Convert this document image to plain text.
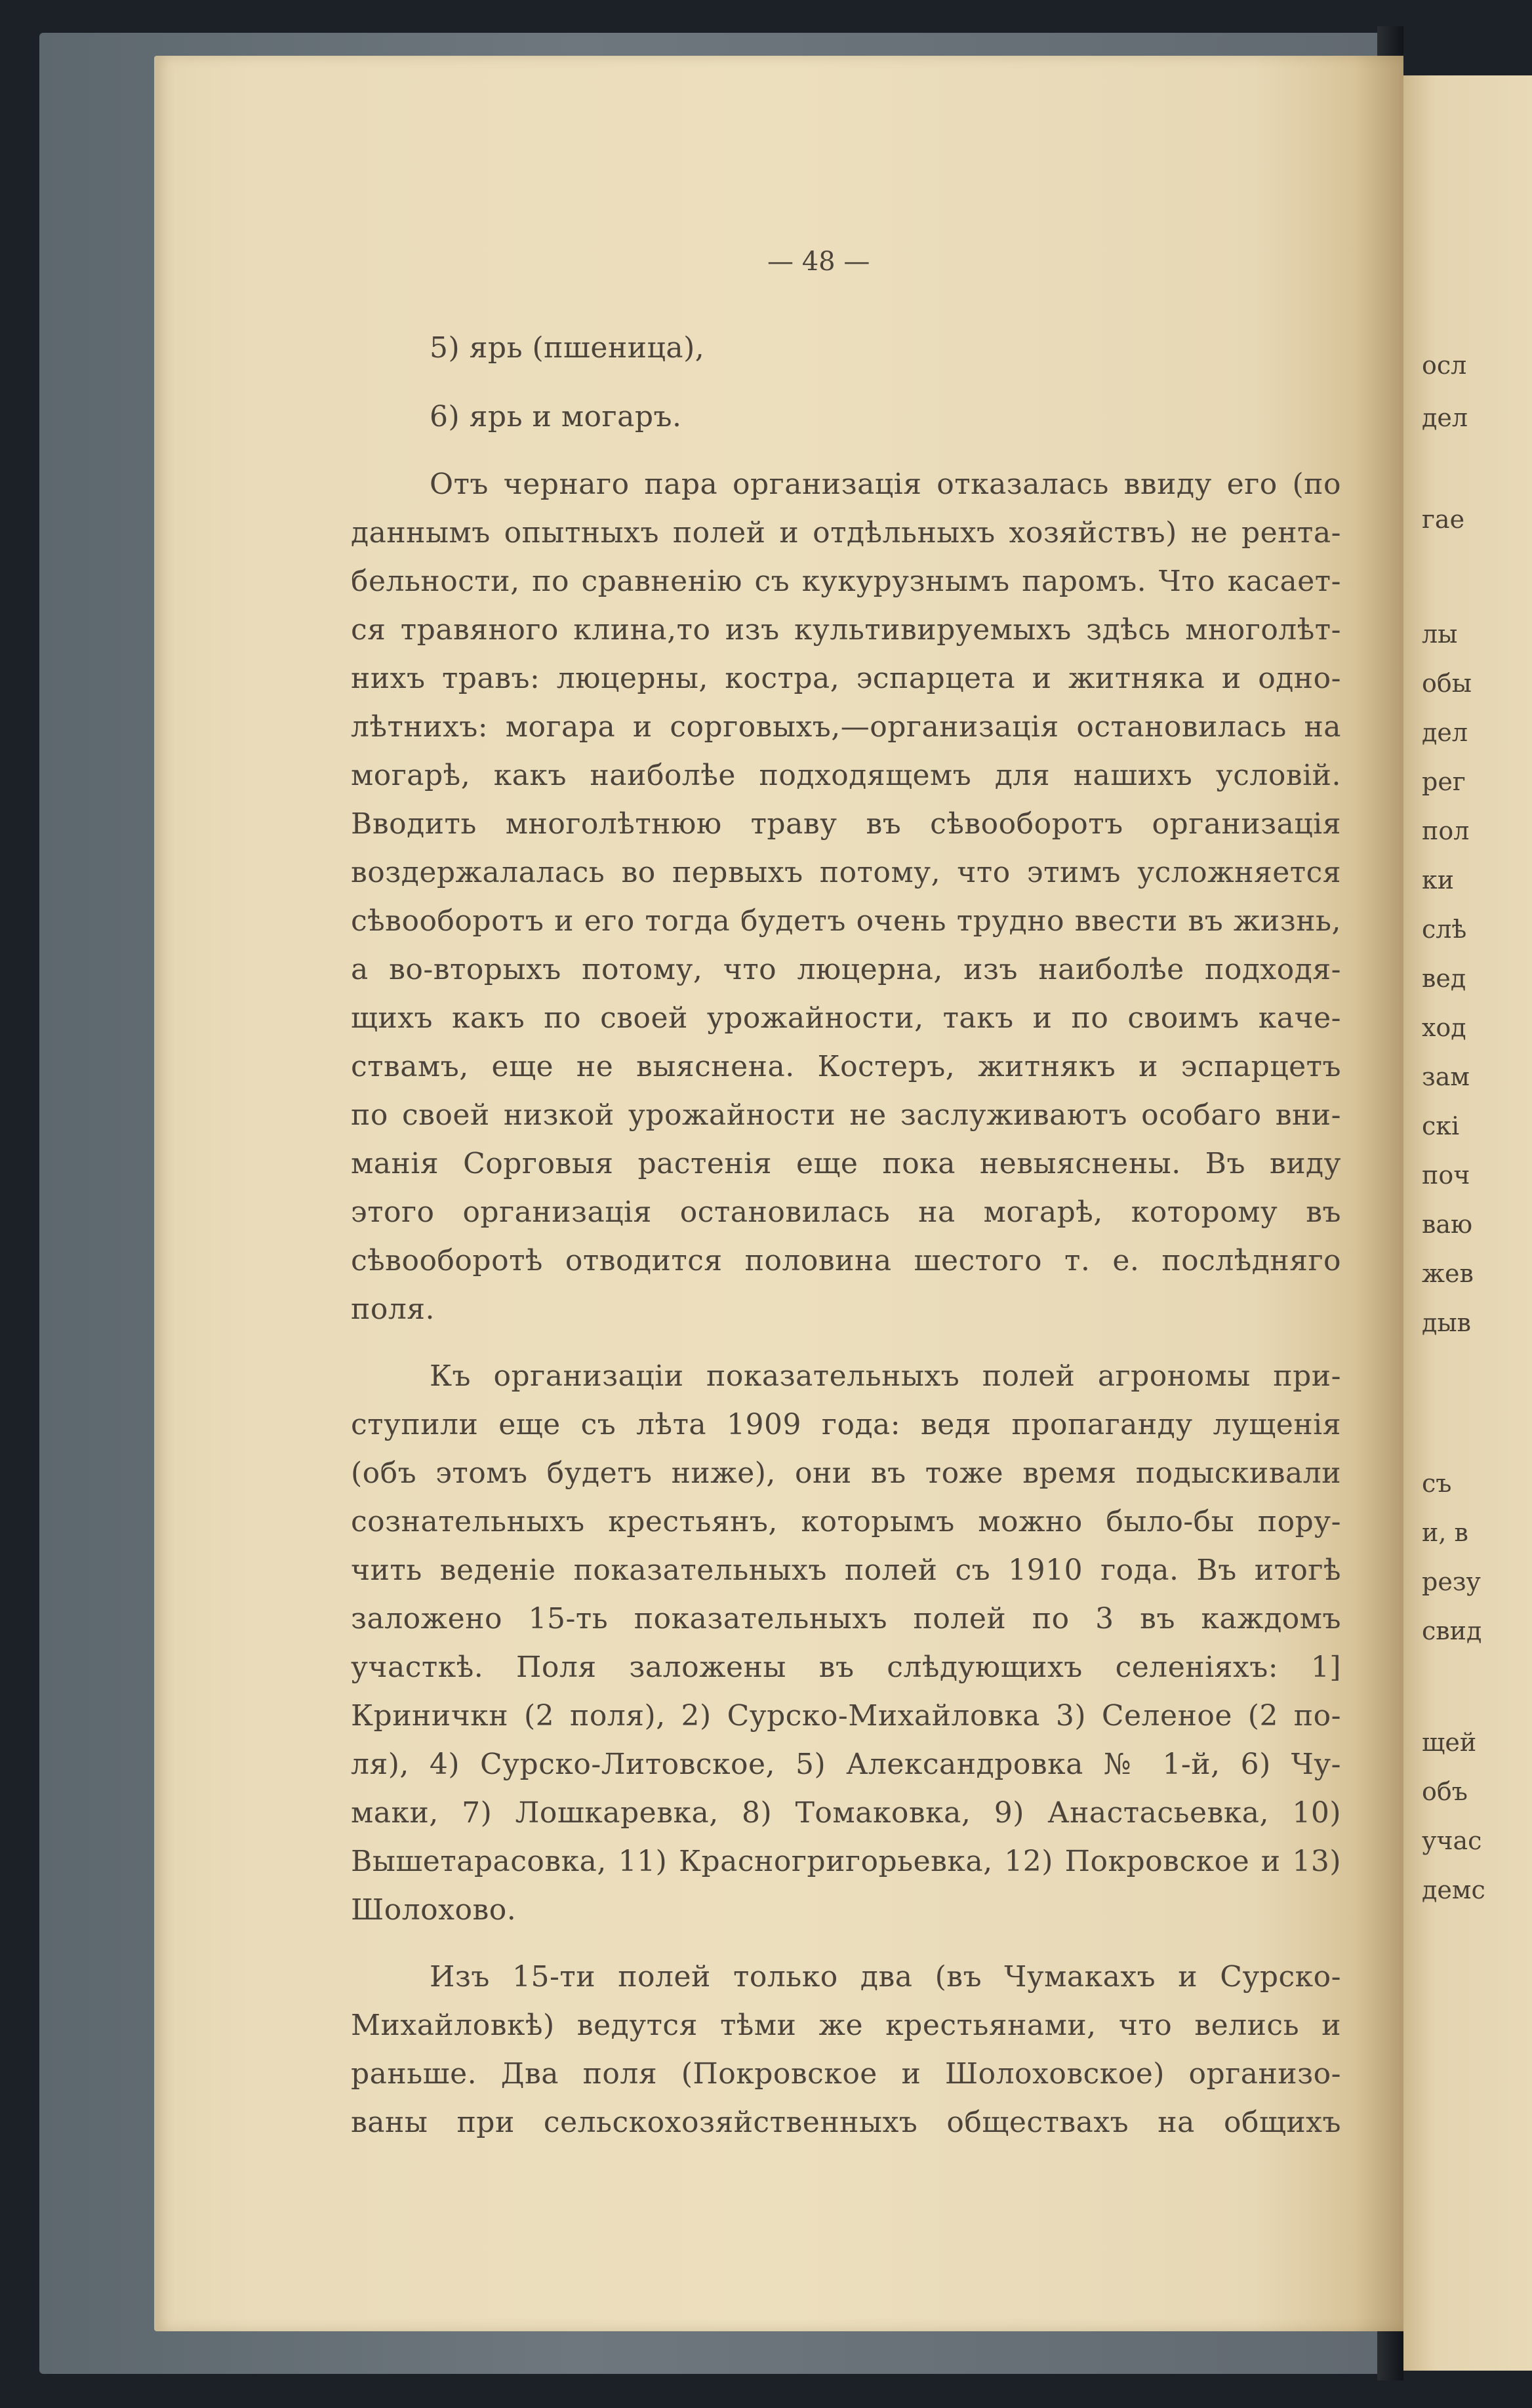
— 48 —
5) ярь (пшеница),
6) ярь и могаръ.
Отъ чернаго пара организація отказалась ввиду его (по
даннымъ опытныхъ полей и отдѣльныхъ хозяйствъ) не рента-
бельности, по сравненію съ кукурузнымъ паромъ. Что касает-
ся травяного клина,то изъ культивируемыхъ здѣсь многолѣт-
нихъ травъ: люцерны, костра, эспарцета и житняка и одно-
лѣтнихъ: могара и сорговыхъ,—организація остановилась на
могарѣ, какъ наиболѣе подходящемъ для нашихъ условій.
Вводить многолѣтнюю траву въ сѣвооборотъ организація
воздержалалась во первыхъ потому, что этимъ усложняется
сѣвооборотъ и его тогда будетъ очень трудно ввести въ жизнь,
а во-вторыхъ потому, что люцерна, изъ наиболѣе подходя-
щихъ какъ по своей урожайности, такъ и по своимъ каче-
ствамъ, еще не выяснена. Костеръ, житнякъ и эспарцетъ
по своей низкой урожайности не заслуживаютъ особаго вни-
манія Сорговыя растенія еще пока невыяснены. Въ виду
этого организація остановилась на могарѣ, которому въ
сѣвооборотѣ отводится половина шестого т. е. послѣдняго
поля.
Къ организаціи показательныхъ полей агрономы при-
ступили еще съ лѣта 1909 года: ведя пропаганду лущенія
(объ этомъ будетъ ниже), они въ тоже время подыскивали
сознательныхъ крестьянъ, которымъ можно было-бы пору-
чить веденіе показательныхъ полей съ 1910 года. Въ итогѣ
заложено 15-ть показательныхъ полей по 3 въ каждомъ
участкѣ. Поля заложены въ слѣдующихъ селеніяхъ: 1]
Криничкн (2 поля), 2) Сурско-Михайловка 3) Селеное (2 по-
ля), 4) Сурско-Литовское, 5) Александровка № 1-й, 6) Чу-
маки, 7) Лошкаревка, 8) Томаковка, 9) Анастасьевка, 10)
Вышетарасовка, 11) Красногригорьевка, 12) Покровское и 13)
Шолохово.
Изъ 15-ти полей только два (въ Чумакахъ и Сурско-
Михайловкѣ) ведутся тѣми же крестьянами, что велись и
раньше. Два поля (Покровское и Шолоховское) организо-
ваны при сельскохозяйственныхъ обществахъ на общихъ
осл
дел
гае
лы
обы
дел
рег
пол
ки
слѣ
вед
ход
зам
скі
поч
ваю
жев
дыв
съ
и, в
резу
свид
щей
объ
учас
демс
